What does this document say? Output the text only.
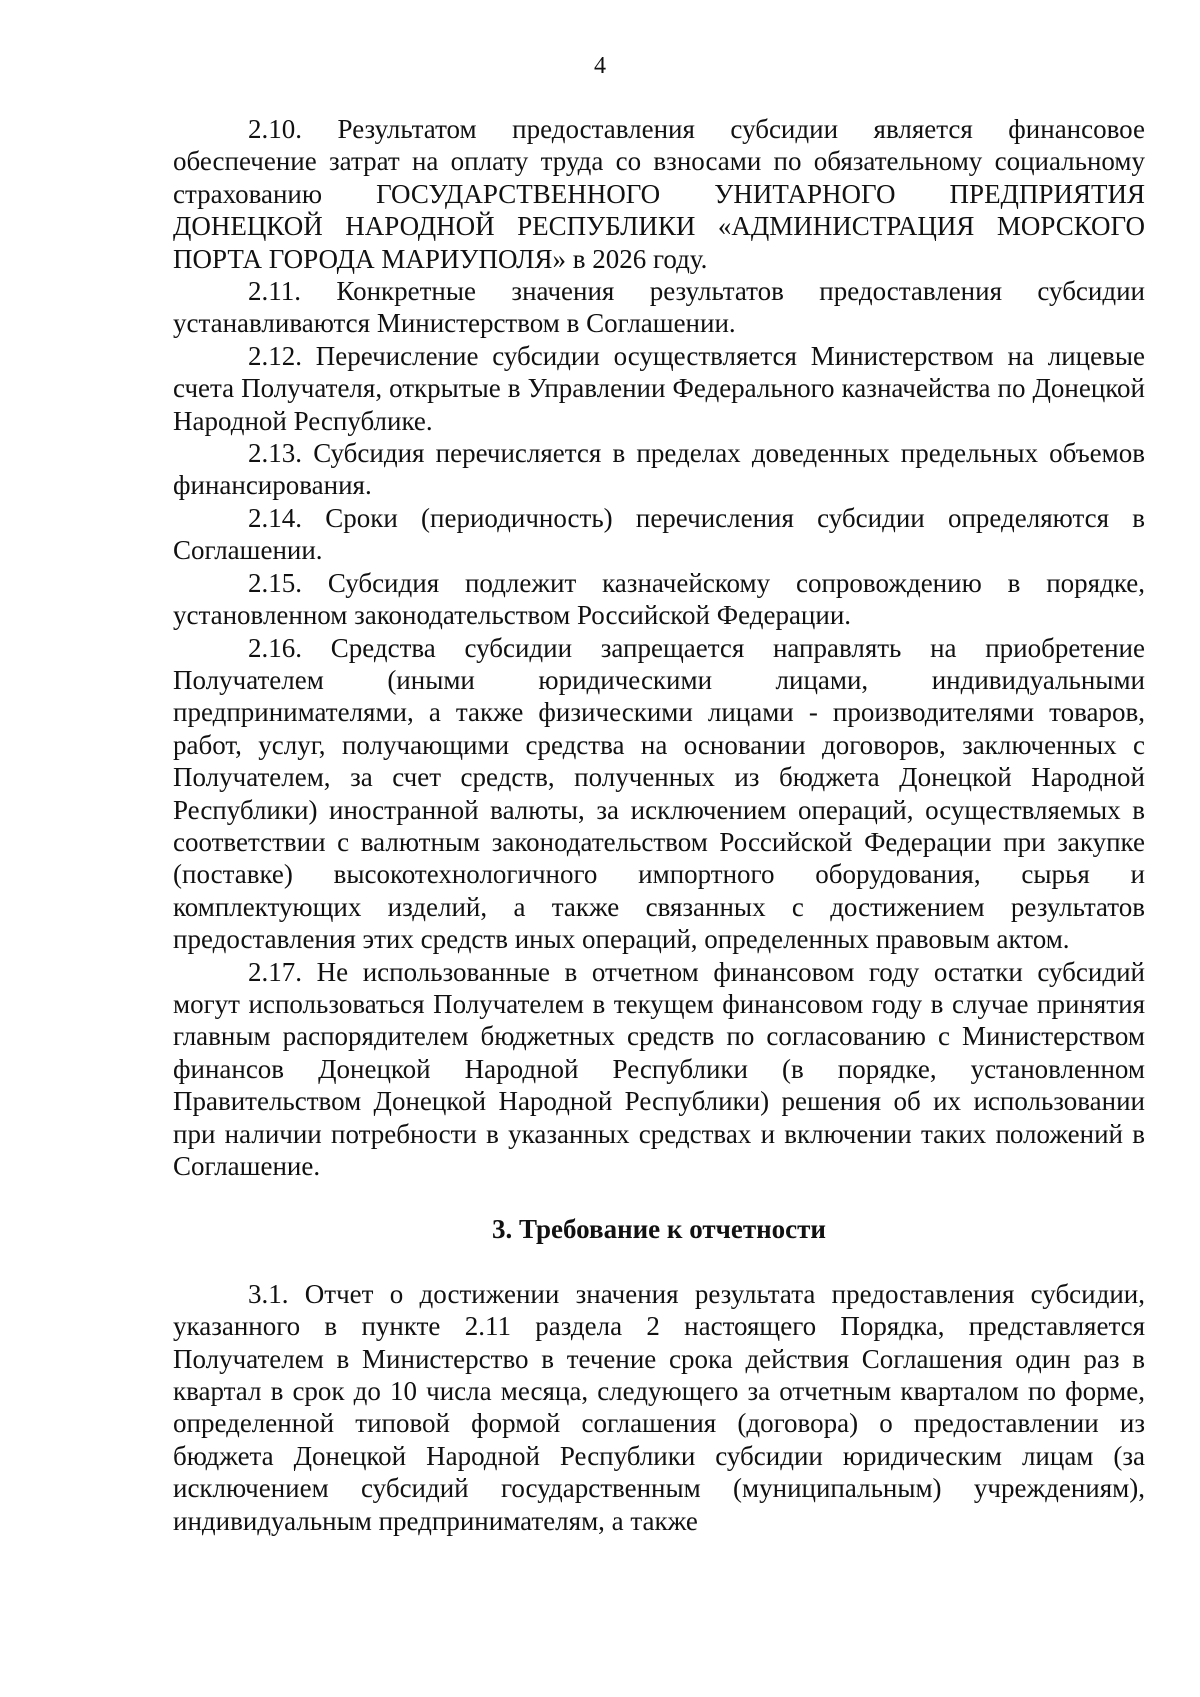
4

2.10. Результатом предоставления субсидии является финансовое обеспечение затрат на оплату труда со взносами по обязательному социальному страхованию ГОСУДАРСТВЕННОГО УНИТАРНОГО ПРЕДПРИЯТИЯ ДОНЕЦКОЙ НАРОДНОЙ РЕСПУБЛИКИ «АДМИНИСТРАЦИЯ МОРСКОГО ПОРТА ГОРОДА МАРИУПОЛЯ» в 2026 году.

2.11. Конкретные значения результатов предоставления субсидии устанавливаются Министерством в Соглашении.

2.12. Перечисление субсидии осуществляется Министерством на лицевые счета Получателя, открытые в Управлении Федерального казначейства по Донецкой Народной Республике.

2.13. Субсидия перечисляется в пределах доведенных предельных объемов финансирования.

2.14. Сроки (периодичность) перечисления субсидии определяются в Соглашении.

2.15. Субсидия подлежит казначейскому сопровождению в порядке, установленном законодательством Российской Федерации.

2.16. Средства субсидии запрещается направлять на приобретение Получателем (иными юридическими лицами, индивидуальными предпринимателями, а также физическими лицами - производителями товаров, работ, услуг, получающими средства на основании договоров, заключенных с Получателем, за счет средств, полученных из бюджета Донецкой Народной Республики) иностранной валюты, за исключением операций, осуществляемых в соответствии с валютным законодательством Российской Федерации при закупке (поставке) высокотехнологичного импортного оборудования, сырья и комплектующих изделий, а также связанных с достижением результатов предоставления этих средств иных операций, определенных правовым актом.

2.17. Не использованные в отчетном финансовом году остатки субсидий могут использоваться Получателем в текущем финансовом году в случае принятия главным распорядителем бюджетных средств по согласованию с Министерством финансов Донецкой Народной Республики (в порядке, установленном Правительством Донецкой Народной Республики) решения об их использовании при наличии потребности в указанных средствах и включении таких положений в Соглашение.

3. Требование к отчетности

3.1. Отчет о достижении значения результата предоставления субсидии, указанного в пункте 2.11 раздела 2 настоящего Порядка, представляется Получателем в Министерство в течение срока действия Соглашения один раз в квартал в срок до 10 числа месяца, следующего за отчетным кварталом по форме, определенной типовой формой соглашения (договора) о предоставлении из бюджета Донецкой Народной Республики субсидии юридическим лицам (за исключением субсидий государственным (муниципальным) учреждениям), индивидуальным предпринимателям, а также
